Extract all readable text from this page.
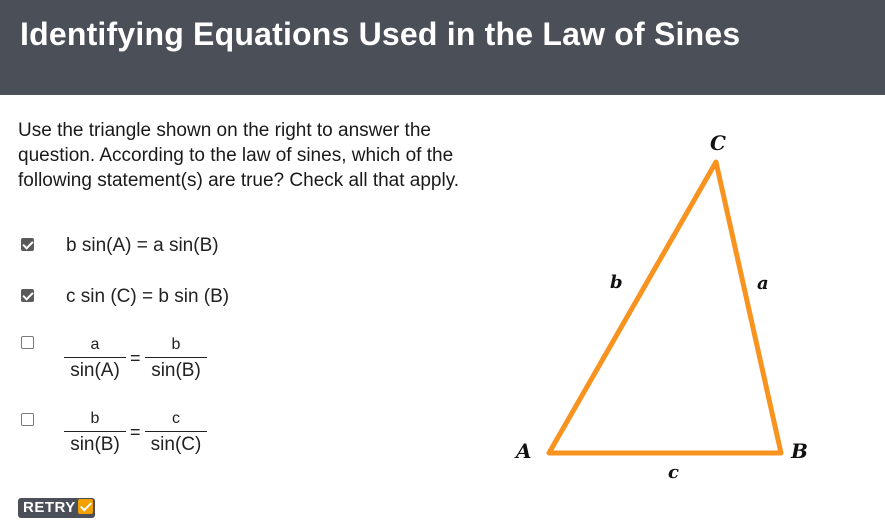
Identifying Equations Used in the Law of Sines
Use the triangle shown on the right to answer the question. According to the law of sines, which of the following statement(s) are true? Check all that apply.
b sin(A) = a sin(B)
c sin (C) = b sin (B)
a
sin(A)
=
b
sin(B)
b
sin(B)
=
c
sin(C)
RETRY
C
A	B
b	a
c
